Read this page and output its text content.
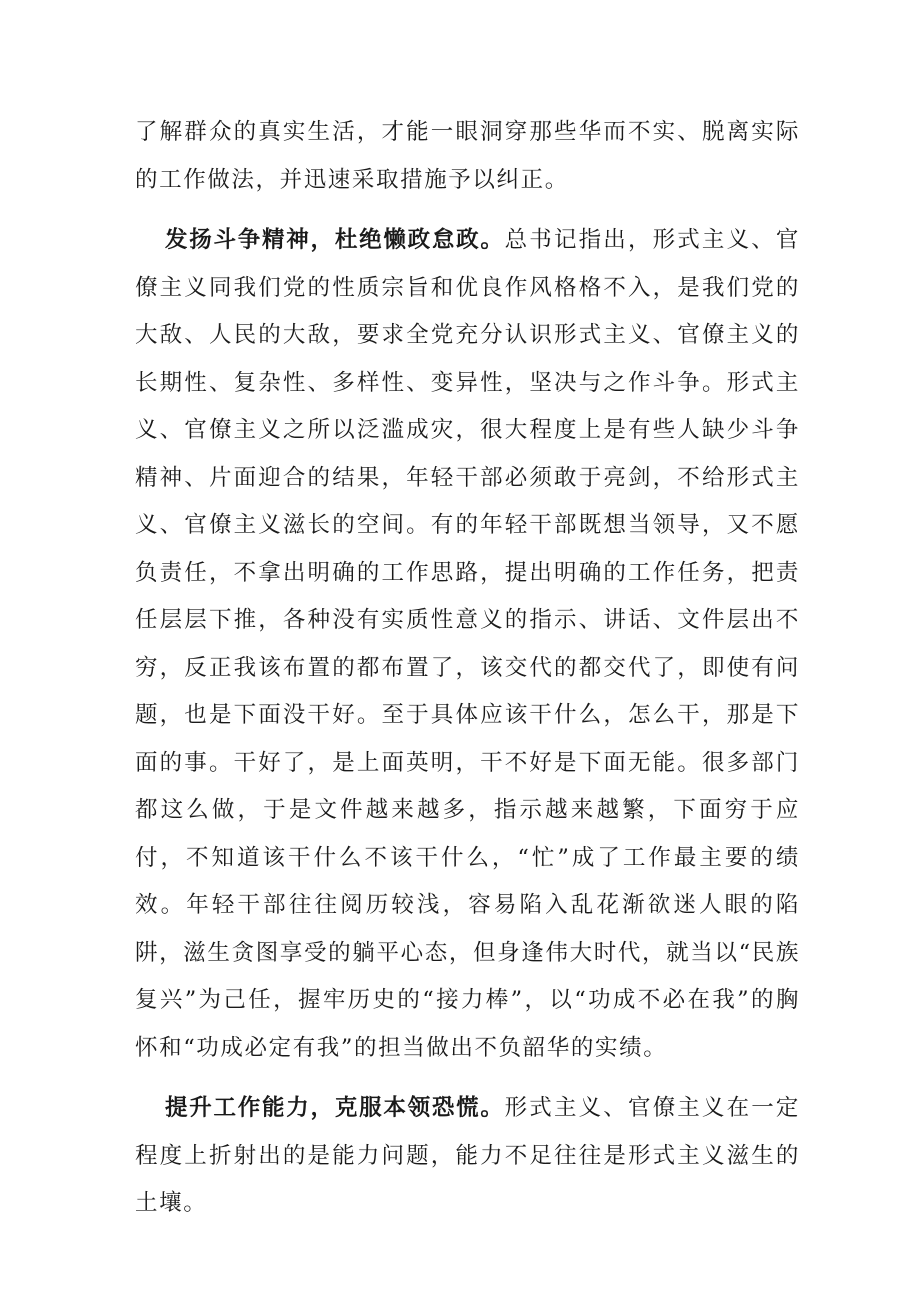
了解群众的真实生活，才能一眼洞穿那些华而不实、脱离实际的工作做法，并迅速采取措施予以纠正。

发扬斗争精神，杜绝懒政怠政。总书记指出，形式主义、官僚主义同我们党的性质宗旨和优良作风格格不入，是我们党的大敌、人民的大敌，要求全党充分认识形式主义、官僚主义的长期性、复杂性、多样性、变异性，坚决与之作斗争。形式主义、官僚主义之所以泛滥成灾，很大程度上是有些人缺少斗争精神、片面迎合的结果，年轻干部必须敢于亮剑，不给形式主义、官僚主义滋长的空间。有的年轻干部既想当领导，又不愿负责任，不拿出明确的工作思路，提出明确的工作任务，把责任层层下推，各种没有实质性意义的指示、讲话、文件层出不穷，反正我该布置的都布置了，该交代的都交代了，即使有问题，也是下面没干好。至于具体应该干什么，怎么干，那是下面的事。干好了，是上面英明，干不好是下面无能。很多部门都这么做，于是文件越来越多，指示越来越繁，下面穷于应付，不知道该干什么不该干什么，“忙”成了工作最主要的绩效。年轻干部往往阅历较浅，容易陷入乱花渐欲迷人眼的陷阱，滋生贪图享受的躺平心态，但身逢伟大时代，就当以“民族复兴”为己任，握牢历史的“接力棒”，以“功成不必在我”的胸怀和“功成必定有我”的担当做出不负韶华的实绩。

提升工作能力，克服本领恐慌。形式主义、官僚主义在一定程度上折射出的是能力问题，能力不足往往是形式主义滋生的土壤。
